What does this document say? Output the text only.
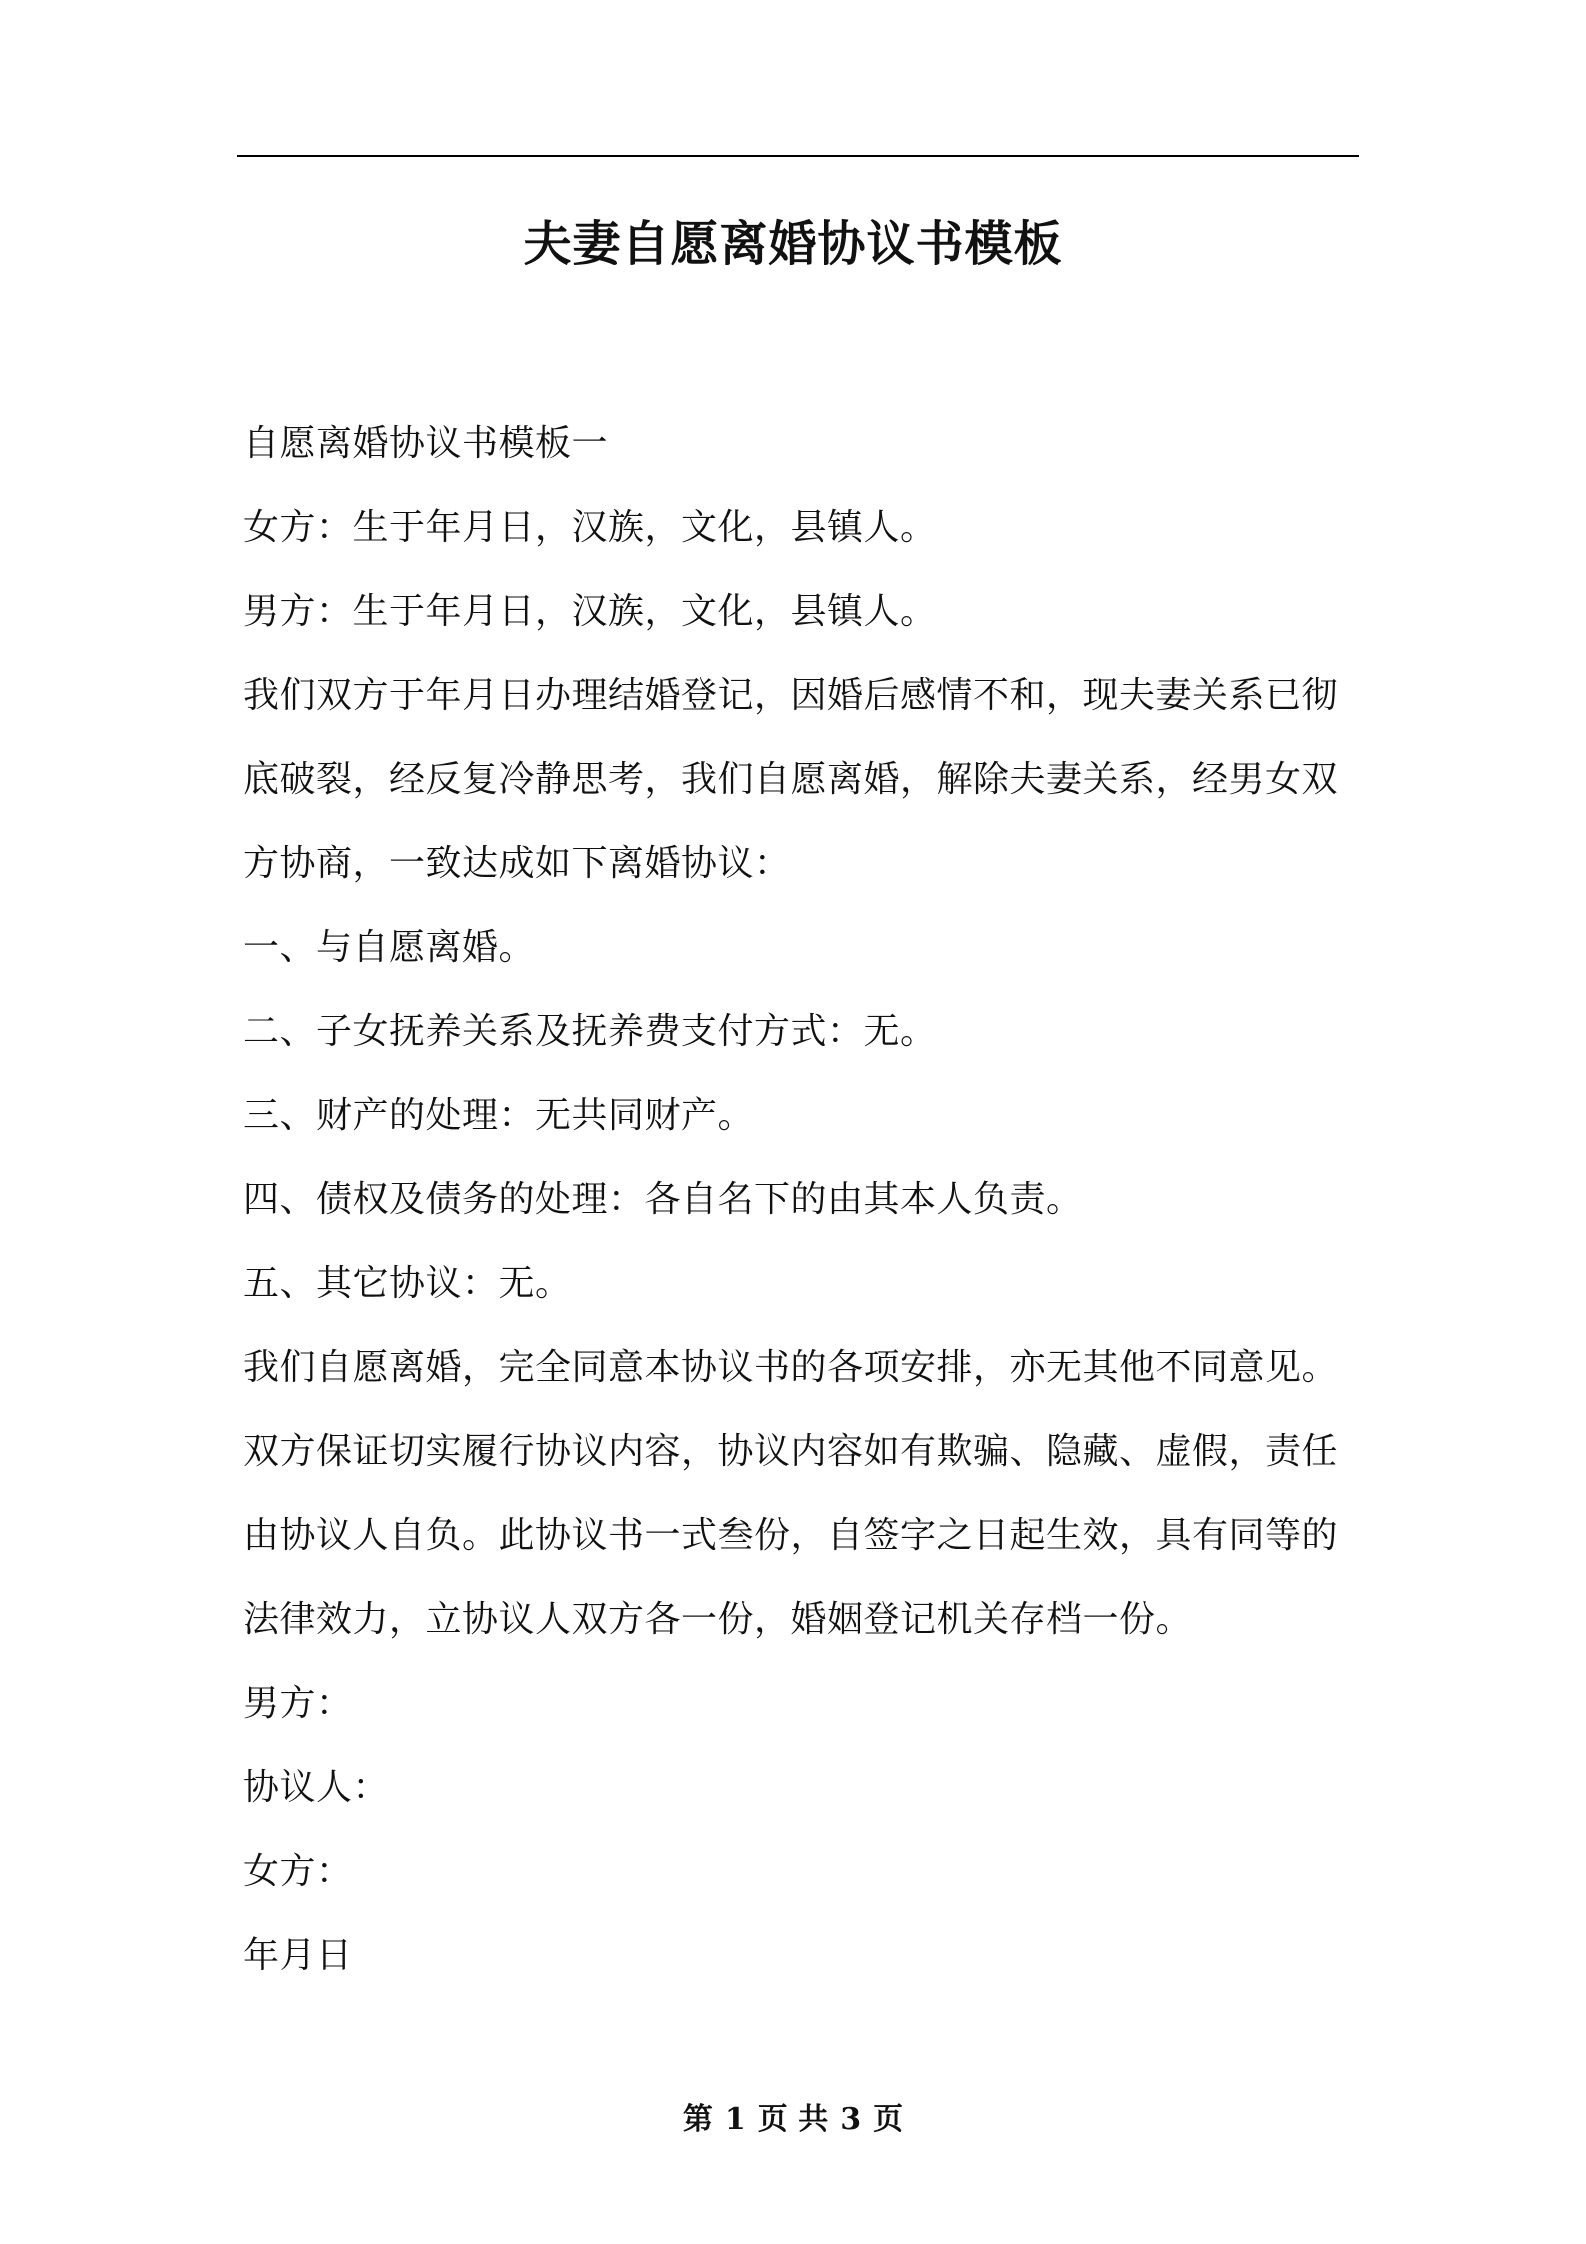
夫妻自愿离婚协议书模板
自愿离婚协议书模板一
女方：生于年月日，汉族，文化，县镇人。
男方：生于年月日，汉族，文化，县镇人。
我们双方于年月日办理结婚登记，因婚后感情不和，现夫妻关系已彻
底破裂，经反复冷静思考，我们自愿离婚，解除夫妻关系，经男女双
方协商，一致达成如下离婚协议：
一、与自愿离婚。
二、子女抚养关系及抚养费支付方式：无。
三、财产的处理：无共同财产。
四、债权及债务的处理：各自名下的由其本人负责。
五、其它协议：无。
我们自愿离婚，完全同意本协议书的各项安排，亦无其他不同意见。
双方保证切实履行协议内容，协议内容如有欺骗、隐藏、虚假，责任
由协议人自负。此协议书一式叁份，自签字之日起生效，具有同等的
法律效力，立协议人双方各一份，婚姻登记机关存档一份。
男方：
协议人：
女方：
年月日
第 1 页 共 3 页
